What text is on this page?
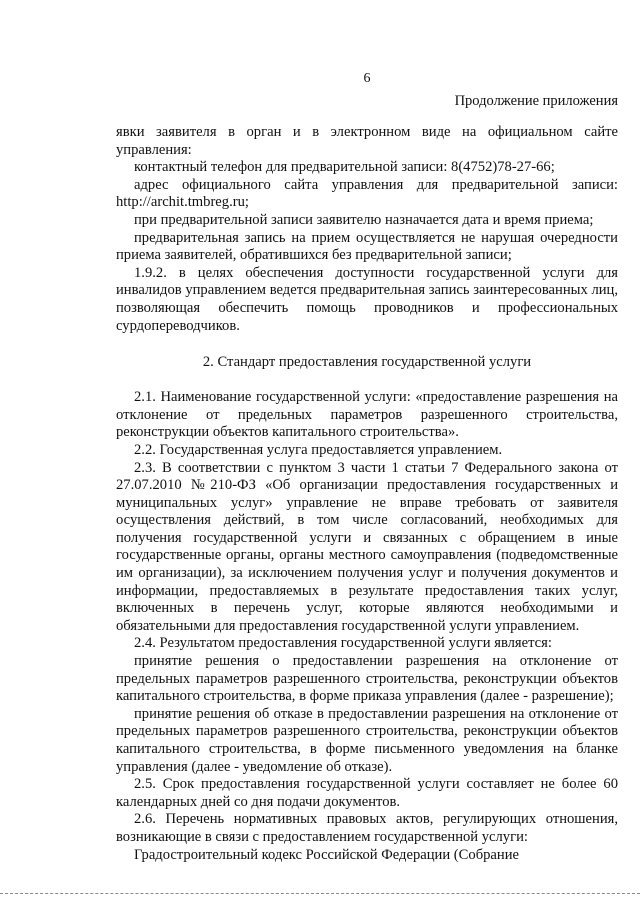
6
Продолжение приложения

явки заявителя в орган и в электронном виде на официальном сайте управления:

контактный телефон для предварительной записи: 8(4752)78-27-66;

адрес официального сайта управления для предварительной записи: http://archit.tmbreg.ru;

при предварительной записи заявителю назначается дата и время приема;

предварительная запись на прием осуществляется не нарушая очередности приема заявителей, обратившихся без предварительной записи;

1.9.2. в целях обеспечения доступности государственной услуги для инвалидов управлением ведется предварительная запись заинтересованных лиц, позволяющая обеспечить помощь проводников и профессиональных сурдопереводчиков.

2. Стандарт предоставления государственной услуги

2.1. Наименование государственной услуги: «предоставление разрешения на отклонение от предельных параметров разрешенного строительства, реконструкции объектов капитального строительства».

2.2. Государственная услуга предоставляется управлением.

2.3. В соответствии с пунктом 3 части 1 статьи 7 Федерального закона от 27.07.2010 №210-ФЗ «Об организации предоставления государственных и муниципальных услуг» управление не вправе требовать от заявителя осуществления действий, в том числе согласований, необходимых для получения государственной услуги и связанных с обращением в иные государственные органы, органы местного самоуправления (подведомственные им организации), за исключением получения услуг и получения документов и информации, предоставляемых в результате предоставления таких услуг, включенных в перечень услуг, которые являются необходимыми и обязательными для предоставления государственной услуги управлением.

2.4. Результатом предоставления государственной услуги является:

принятие решения о предоставлении разрешения на отклонение от предельных параметров разрешенного строительства, реконструкции объектов капитального строительства, в форме приказа управления (далее - разрешение);

принятие решения об отказе в предоставлении разрешения на отклонение от предельных параметров разрешенного строительства, реконструкции объектов капитального строительства, в форме письменного уведомления на бланке управления (далее - уведомление об отказе).

2.5. Срок предоставления государственной услуги составляет не более 60 календарных дней со дня подачи документов.

2.6. Перечень нормативных правовых актов, регулирующих отношения, возникающие в связи с предоставлением государственной услуги:

Градостроительный кодекс Российской Федерации (Собрание
